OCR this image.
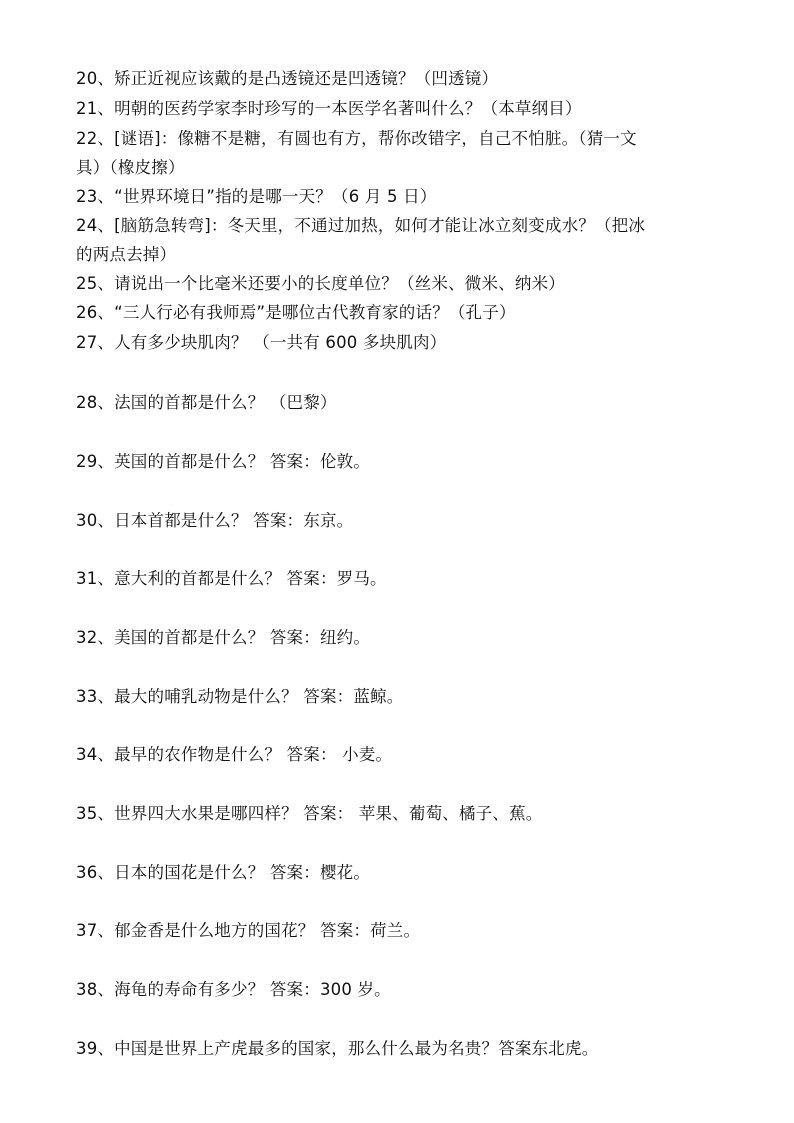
20、矫正近视应该戴的是凸透镜还是凹透镜？（凹透镜）
21、明朝的医药学家李时珍写的一本医学名著叫什么？（本草纲目）
22、[谜语]：像糖不是糖，有圆也有方，帮你改错字，自己不怕脏。（猜一文
具）（橡皮擦）
23、“世界环境日”指的是哪一天？（6 月 5 日）
24、[脑筋急转弯]：冬天里，不通过加热，如何才能让冰立刻变成水？（把冰
的两点去掉）
25、请说出一个比毫米还要小的长度单位？（丝米、微米、纳米）
26、“三人行必有我师焉”是哪位古代教育家的话？（孔子）
27、人有多少块肌肉？ （一共有 600 多块肌肉）
28、法国的首都是什么？ （巴黎）
29、英国的首都是什么？ 答案：伦敦。
30、日本首都是什么？ 答案：东京。
31、意大利的首都是什么？ 答案：罗马。
32、美国的首都是什么？ 答案：纽约。
33、最大的哺乳动物是什么？ 答案：蓝鲸。
34、最早的农作物是什么？ 答案： 小麦。
35、世界四大水果是哪四样？ 答案： 苹果、葡萄、橘子、蕉。
36、日本的国花是什么？ 答案：樱花。
37、郁金香是什么地方的国花？ 答案：荷兰。
38、海龟的寿命有多少？ 答案：300 岁。
39、中国是世界上产虎最多的国家，那么什么最为名贵？答案东北虎。
